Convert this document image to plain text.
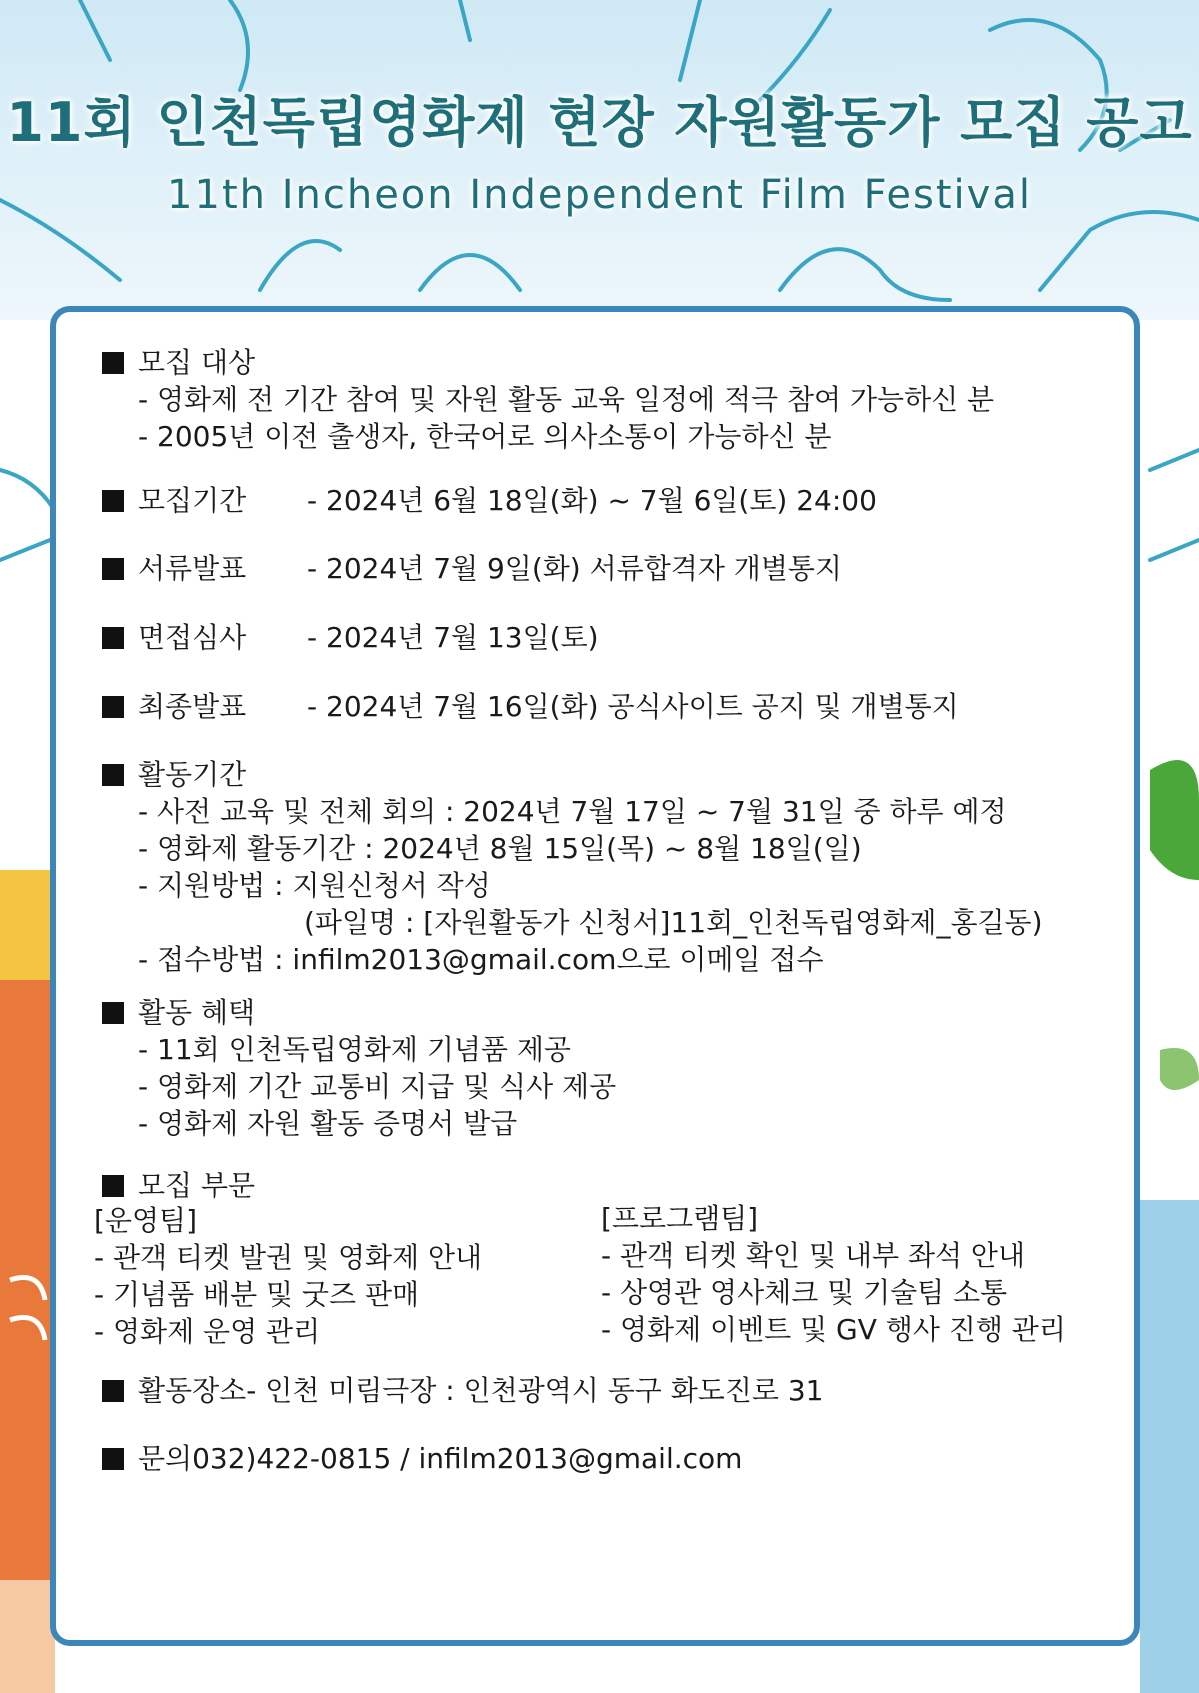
11회 인천독립영화제 현장 자원활동가 모집 공고
11th Incheon Independent Film Festival
모집 대상
- 영화제 전 기간 참여 및 자원 활동 교육 일정에 적극 참여 가능하신 분
- 2005년 이전 출생자, 한국어로 의사소통이 가능하신 분
모집기간 - 2024년 6월 18일(화) ~ 7월 6일(토) 24:00
서류발표 - 2024년 7월 9일(화) 서류합격자 개별통지
면접심사 - 2024년 7월 13일(토)
최종발표 - 2024년 7월 16일(화) 공식사이트 공지 및 개별통지
활동기간
- 사전 교육 및 전체 회의 : 2024년 7월 17일 ~ 7월 31일 중 하루 예정
- 영화제 활동기간 : 2024년 8월 15일(목) ~ 8월 18일(일)
- 지원방법 : 지원신청서 작성
(파일명 : [자원활동가 신청서]11회_인천독립영화제_홍길동)
- 접수방법 : infilm2013@gmail.com으로 이메일 접수
활동 혜택
- 11회 인천독립영화제 기념품 제공
- 영화제 기간 교통비 지급 및 식사 제공
- 영화제 자원 활동 증명서 발급
모집 부문
[운영팀]
- 관객 티켓 발권 및 영화제 안내
- 기념품 배분 및 굿즈 판매
- 영화제 운영 관리
[프로그램팀]
- 관객 티켓 확인 및 내부 좌석 안내
- 상영관 영사체크 및 기술팀 소통
- 영화제 이벤트 및 GV 행사 진행 관리
활동장소- 인천 미림극장 : 인천광역시 동구 화도진로 31
문의032)422-0815 / infilm2013@gmail.com
